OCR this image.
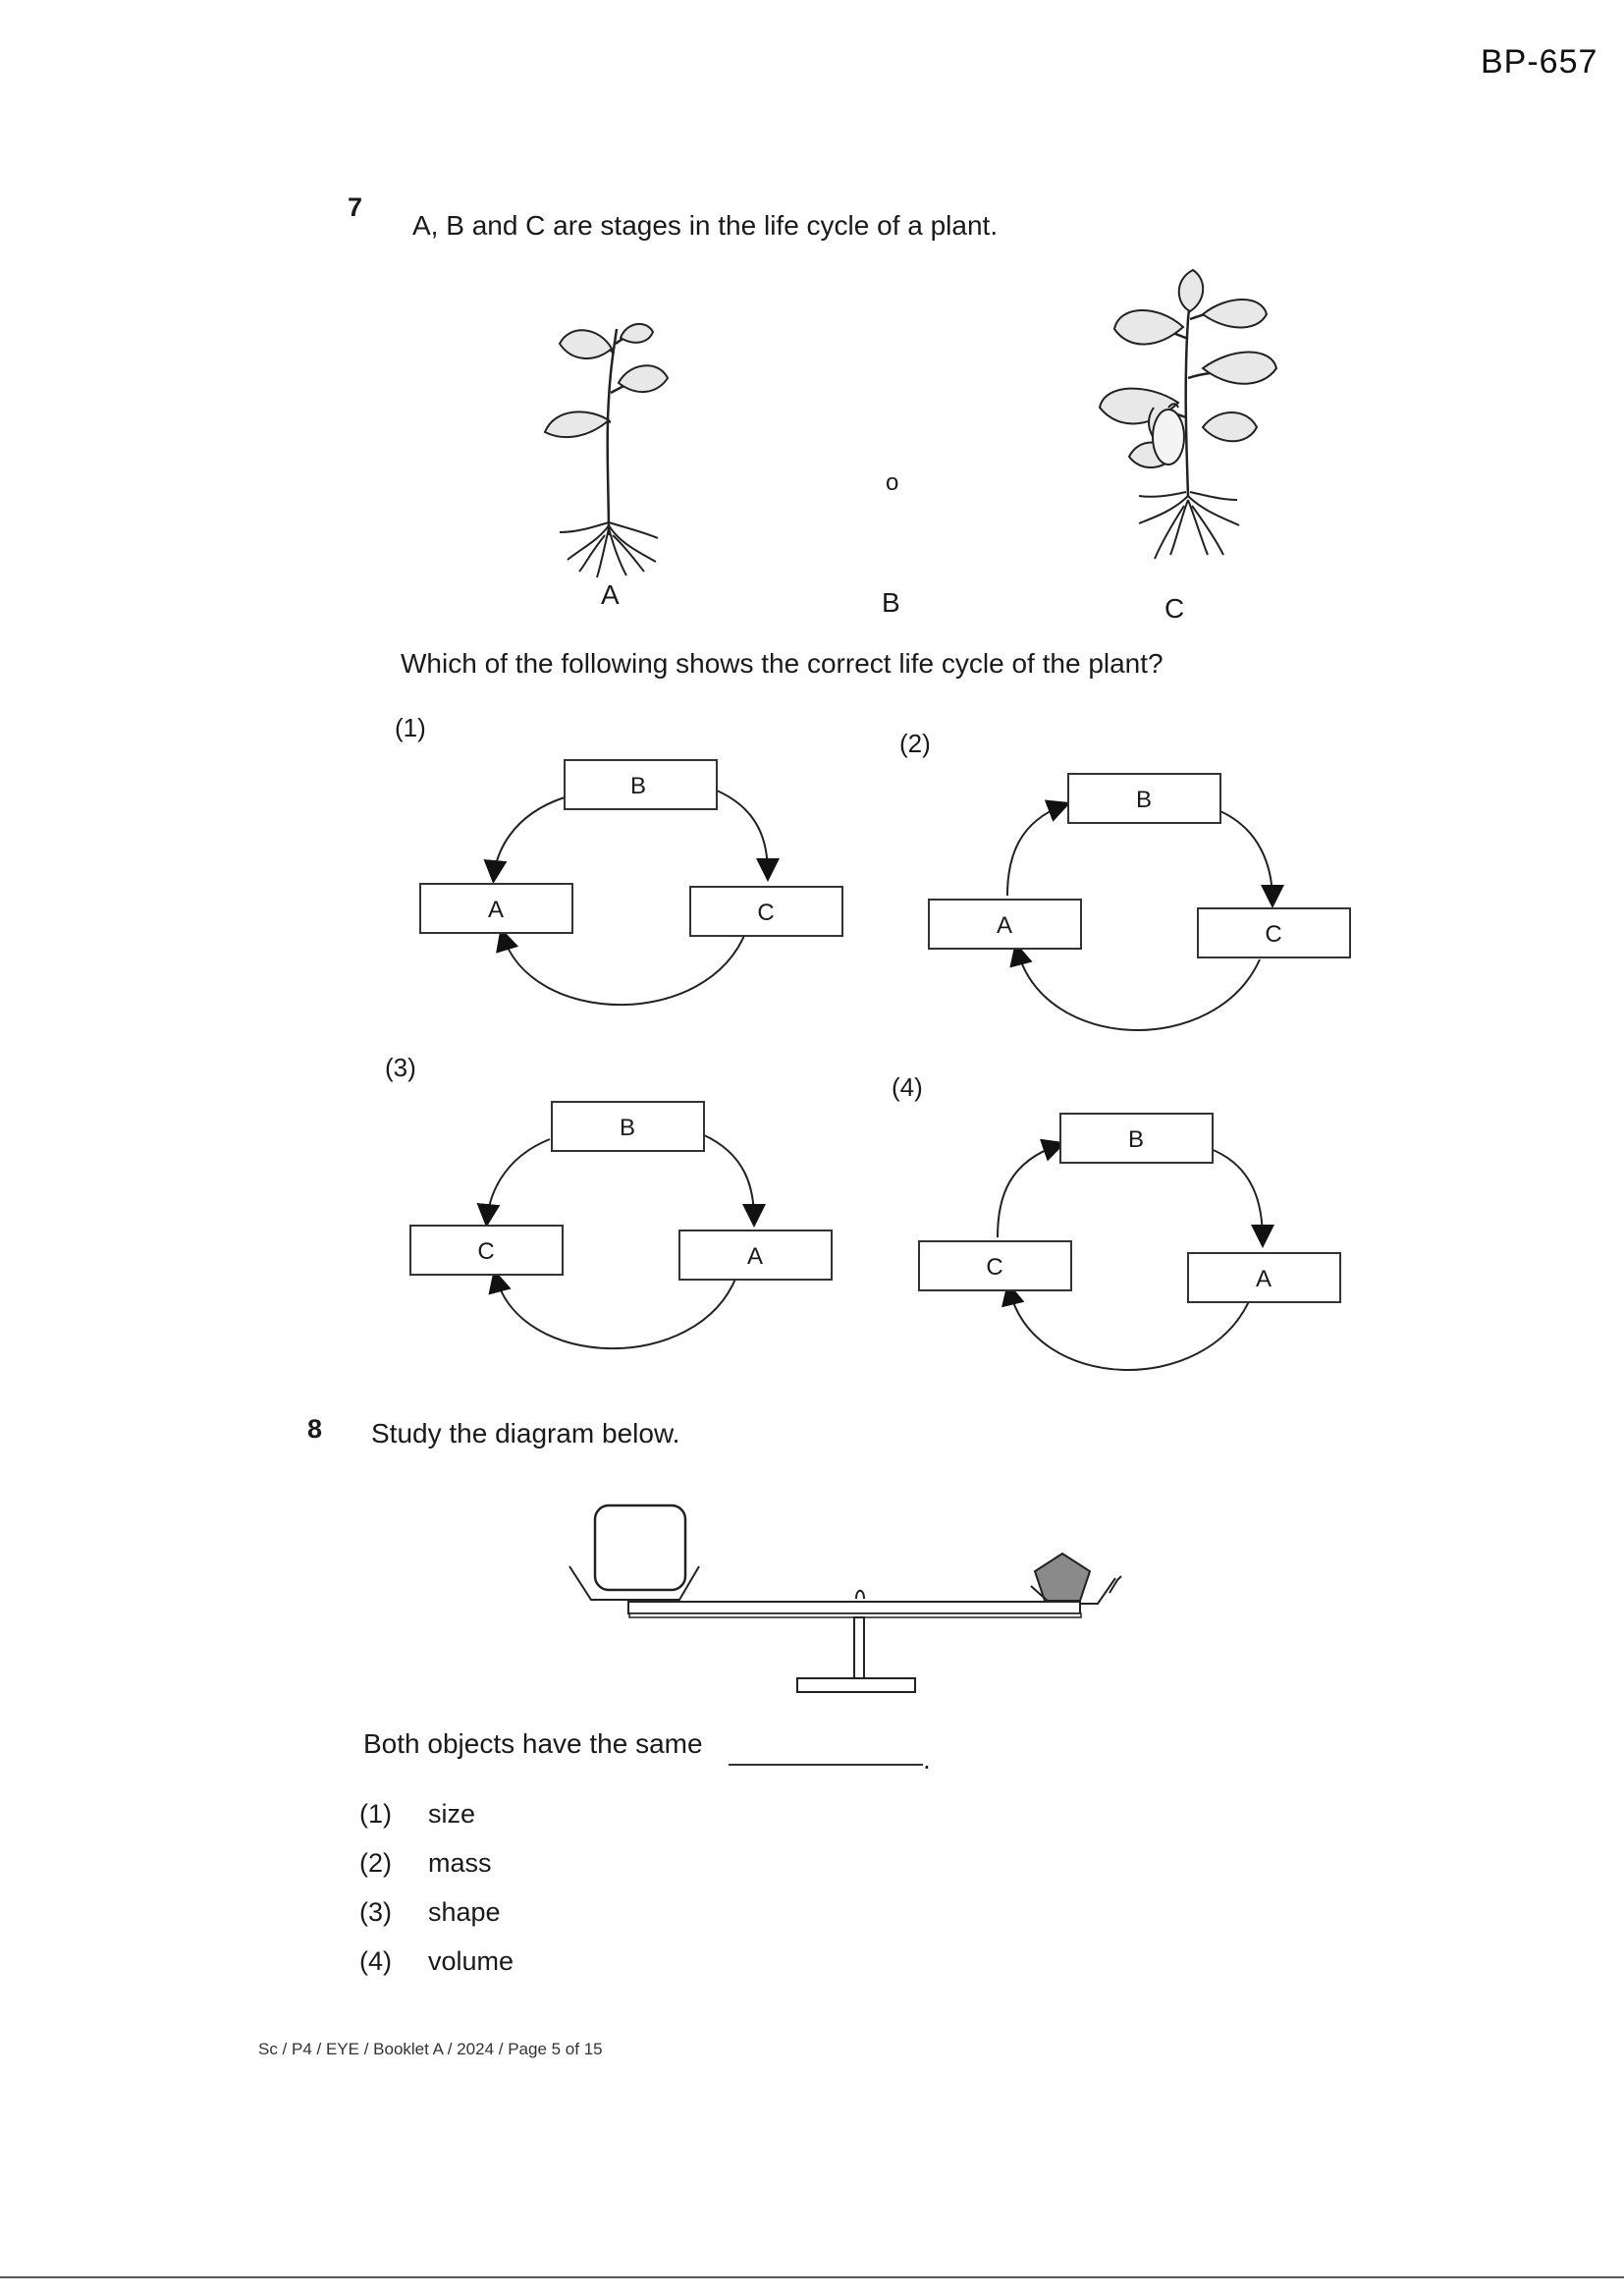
BP-657
7
A, B and C are stages in the life cycle of a plant.
A
o
B	C
Which of the following shows the correct life cycle of the plant?
(1)
B
A	C
(2)
B
A	C
(3)
B
C	A
(4)
B
C	A
8 Study the diagram below.
Both objects have the same
.
(1) size
(2) mass
(3) shape
(4) volume
Sc / P4 / EYE / Booklet A / 2024 / Page 5 of 15
